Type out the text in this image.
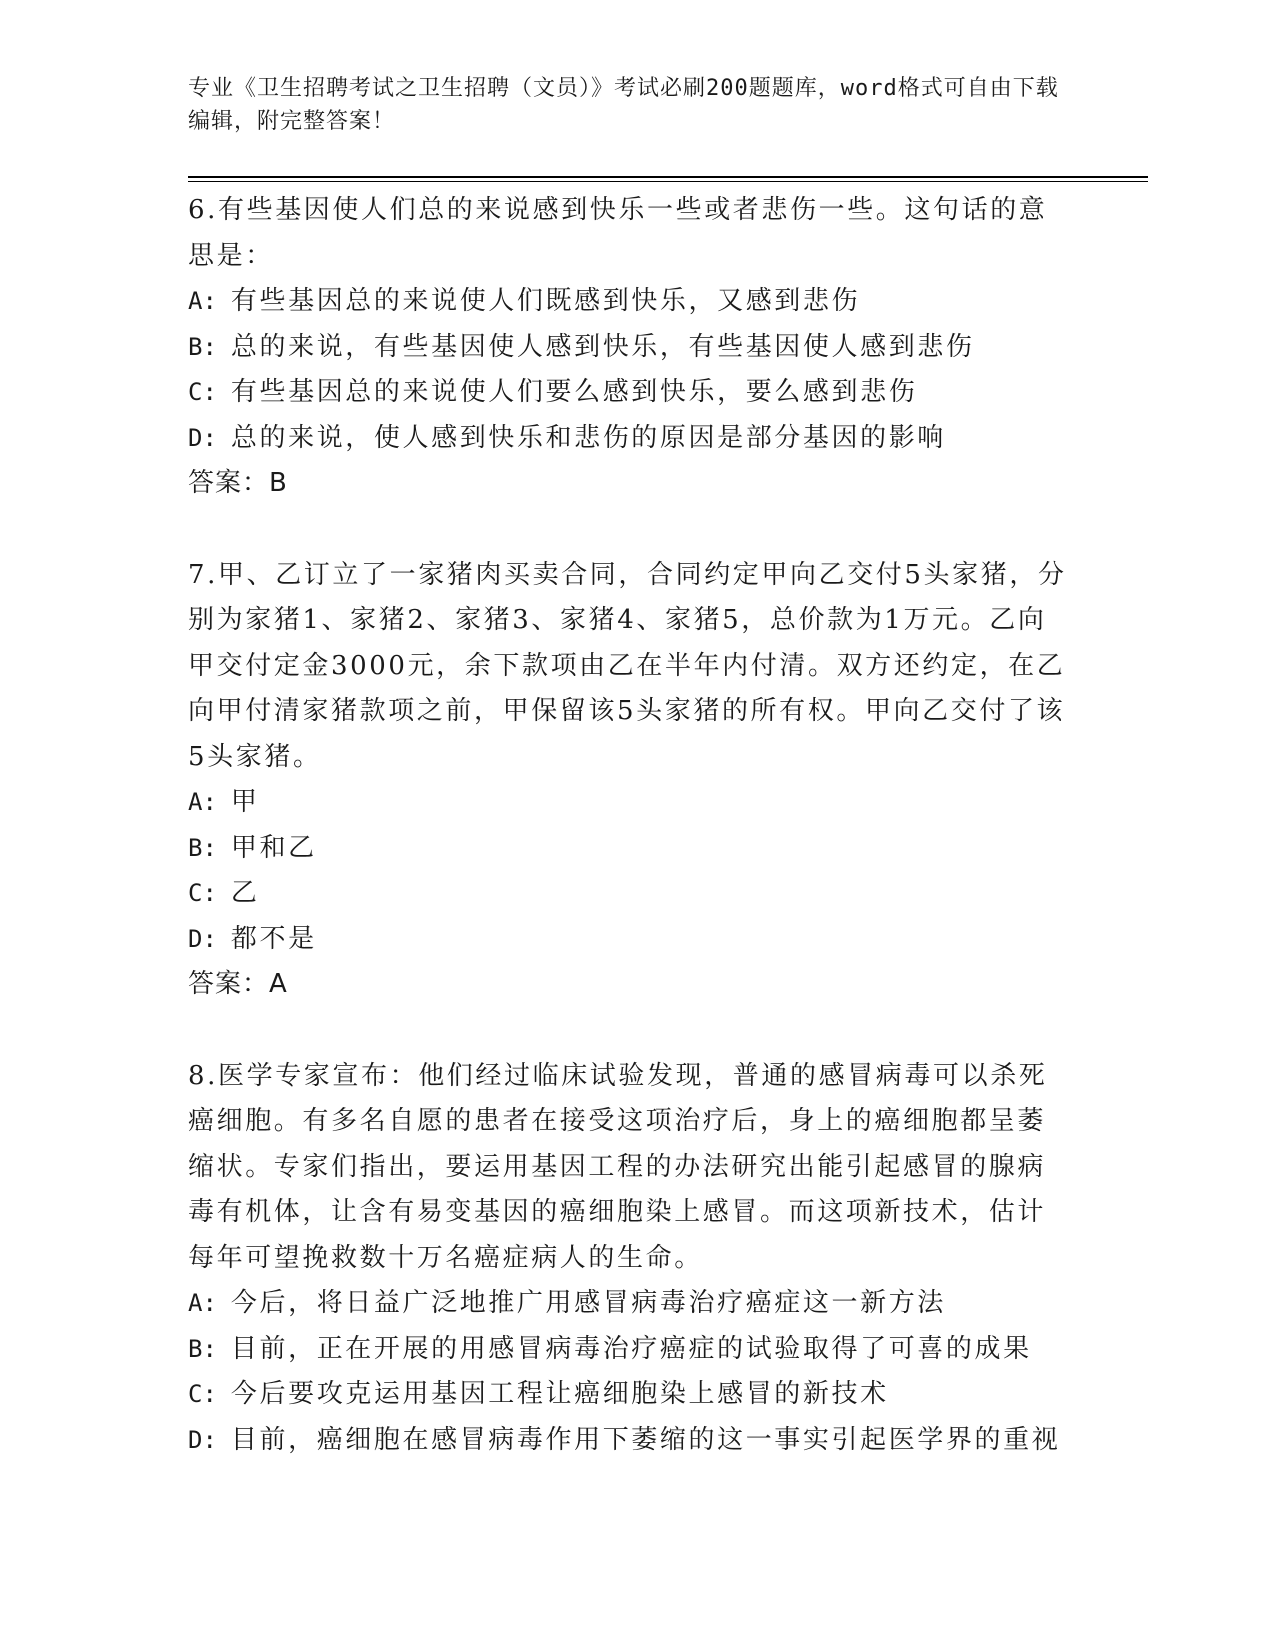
专业《卫生招聘考试之卫生招聘（文员）》考试必刷200题题库，word格式可自由下载编辑，附完整答案！

6.有些基因使人们总的来说感到快乐一些或者悲伤一些。这句话的意思是：

A: 有些基因总的来说使人们既感到快乐，又感到悲伤

B: 总的来说，有些基因使人感到快乐，有些基因使人感到悲伤

C: 有些基因总的来说使人们要么感到快乐，要么感到悲伤

D: 总的来说，使人感到快乐和悲伤的原因是部分基因的影响

答案：B

7.甲、乙订立了一家猪肉买卖合同，合同约定甲向乙交付5头家猪，分别为家猪1、家猪2、家猪3、家猪4、家猪5，总价款为1万元。乙向甲交付定金3000元，余下款项由乙在半年内付清。双方还约定，在乙向甲付清家猪款项之前，甲保留该5头家猪的所有权。甲向乙交付了该5头家猪。

A: 甲

B: 甲和乙

C: 乙

D: 都不是

答案：A

8.医学专家宣布：他们经过临床试验发现，普通的感冒病毒可以杀死癌细胞。有多名自愿的患者在接受这项治疗后，身上的癌细胞都呈萎缩状。专家们指出，要运用基因工程的办法研究出能引起感冒的腺病毒有机体，让含有易变基因的癌细胞染上感冒。而这项新技术，估计每年可望挽救数十万名癌症病人的生命。

A: 今后，将日益广泛地推广用感冒病毒治疗癌症这一新方法

B: 目前，正在开展的用感冒病毒治疗癌症的试验取得了可喜的成果

C: 今后要攻克运用基因工程让癌细胞染上感冒的新技术

D: 目前，癌细胞在感冒病毒作用下萎缩的这一事实引起医学界的重视
